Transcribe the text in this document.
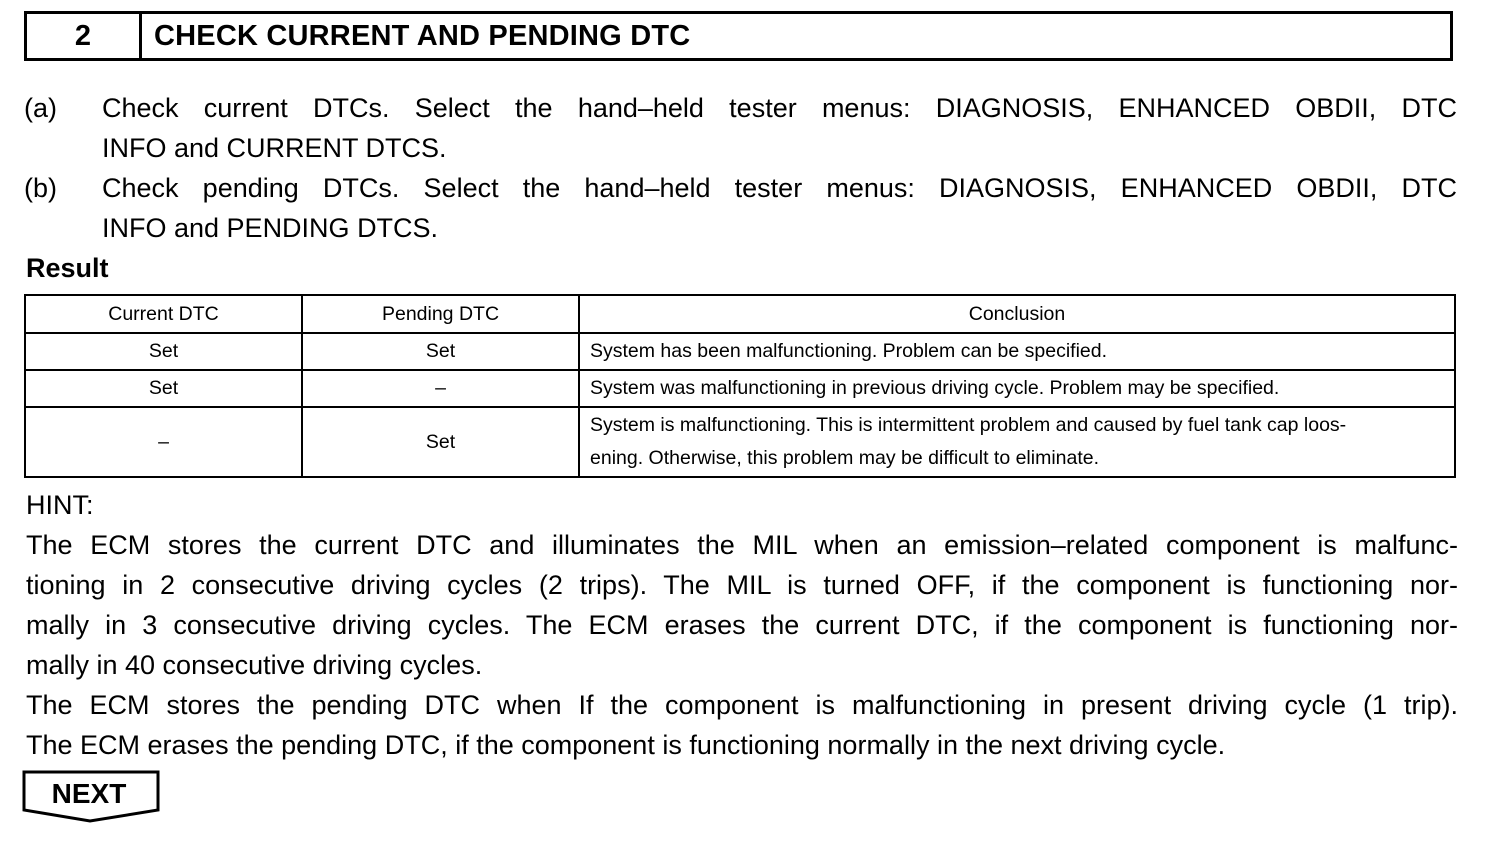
2	CHECK CURRENT AND PENDING DTC
(a) Check current DTCs. Select the hand–held tester menus: DIAGNOSIS, ENHANCED OBDII, DTC
INFO and CURRENT DTCS.
(b) Check pending DTCs. Select the hand–held tester menus: DIAGNOSIS, ENHANCED OBDII, DTC
INFO and PENDING DTCS.
Result
Current DTC	Pending DTC	Conclusion
Set	Set	System has been malfunctioning. Problem can be specified.
Set	–	System was malfunctioning in previous driving cycle. Problem may be specified.
–	Set	System is malfunctioning. This is intermittent problem and caused by fuel tank cap loos-
ening. Otherwise, this problem may be difficult to eliminate.
HINT:
The ECM stores the current DTC and illuminates the MIL when an emission–related component is malfunc-
tioning in 2 consecutive driving cycles (2 trips). The MIL is turned OFF, if the component is functioning nor-
mally in 3 consecutive driving cycles. The ECM erases the current DTC, if the component is functioning nor-
mally in 40 consecutive driving cycles.
The ECM stores the pending DTC when If the component is malfunctioning in present driving cycle (1 trip).
The ECM erases the pending DTC, if the component is functioning normally in the next driving cycle.
NEXT
